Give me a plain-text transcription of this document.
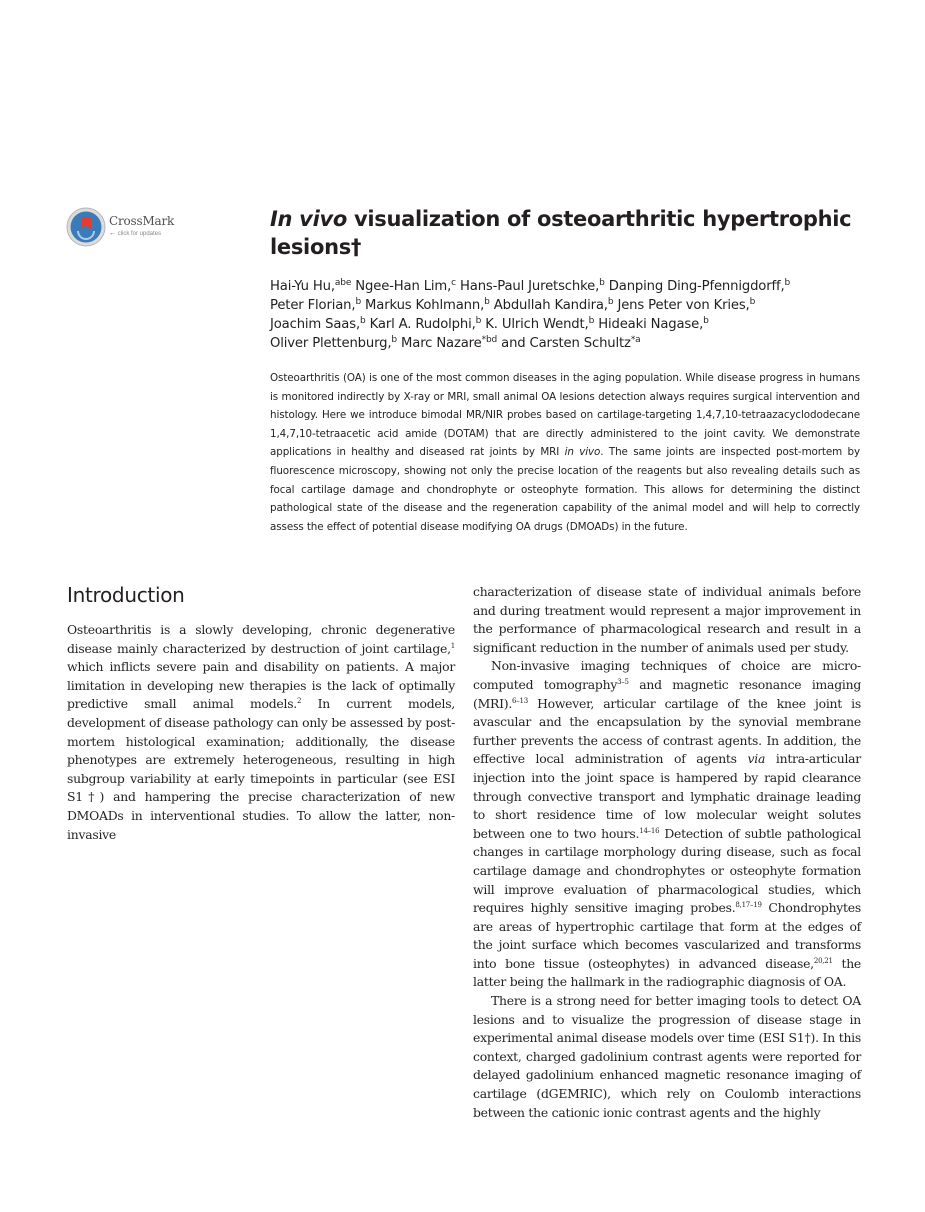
CrossMark
← click for updates
In vivo visualization of osteoarthritic hypertrophic lesions†
Hai-Yu Hu,$^{abe}$ Ngee-Han Lim,$^c$ Hans-Paul Juretschke,$^b$ Danping Ding-Pfennigdorff,$^b$
Peter Florian,$^b$ Markus Kohlmann,$^b$ Abdullah Kandira,$^b$ Jens Peter von Kries,$^b$
Joachim Saas,$^b$ Karl A. Rudolphi,$^b$ K. Ulrich Wendt,$^b$ Hideaki Nagase,$^b$
Oliver Plettenburg,$^b$ Marc Nazare$^{*bd}$ and Carsten Schultz$^{*a}$

Osteoarthritis (OA) is one of the most common diseases in the aging population. While disease progress in humans is monitored indirectly by X-ray or MRI, small animal OA lesions detection always requires surgical intervention and histology. Here we introduce bimodal MR/NIR probes based on cartilage-targeting 1,4,7,10-tetraazacyclododecane 1,4,7,10-tetraacetic acid amide (DOTAM) that are directly administered to the joint cavity. We demonstrate applications in healthy and diseased rat joints by MRI in vivo. The same joints are inspected post-mortem by fluorescence microscopy, showing not only the precise location of the reagents but also revealing details such as focal cartilage damage and chondrophyte or osteophyte formation. This allows for determining the distinct pathological state of the disease and the regeneration capability of the animal model and will help to correctly assess the effect of potential disease modifying OA drugs (DMOADs) in the future.

Introduction

Osteoarthritis is a slowly developing, chronic degenerative disease mainly characterized by destruction of joint cartilage,$^1$ which inflicts severe pain and disability on patients. A major limitation in developing new therapies is the lack of optimally predictive small animal models.$^2$ In current models, development of disease pathology can only be assessed by post-mortem histological examination; additionally, the disease phenotypes are extremely heterogeneous, resulting in high subgroup variability at early timepoints in particular (see ESI S1†) and hampering the precise characterization of new DMOADs in interventional studies. To allow the latter, non-invasive

characterization of disease state of individual animals before and during treatment would represent a major improvement in the performance of pharmacological research and result in a significant reduction in the number of animals used per study.

Non-invasive imaging techniques of choice are micro-computed tomography$^{3-5}$ and magnetic resonance imaging (MRI).$^{6-13}$ However, articular cartilage of the knee joint is avascular and the encapsulation by the synovial membrane further prevents the access of contrast agents. In addition, the effective local administration of agents via intra-articular injection into the joint space is hampered by rapid clearance through convective transport and lymphatic drainage leading to short residence time of low molecular weight solutes between one to two hours.$^{14-16}$ Detection of subtle pathological changes in cartilage morphology during disease, such as focal cartilage damage and chondrophytes or osteophyte formation will improve evaluation of pharmacological studies, which requires highly sensitive imaging probes.$^{8,17-19}$ Chondrophytes are areas of hypertrophic cartilage that form at the edges of the joint surface which becomes vascularized and transforms into bone tissue (osteophytes) in advanced disease,$^{20,21}$ the latter being the hallmark in the radiographic diagnosis of OA.

There is a strong need for better imaging tools to detect OA lesions and to visualize the progression of disease stage in experimental animal disease models over time (ESI S1†). In this context, charged gadolinium contrast agents were reported for delayed gadolinium enhanced magnetic resonance imaging of cartilage (dGEMRIC), which rely on Coulomb interactions between the cationic ionic contrast agents and the highly
